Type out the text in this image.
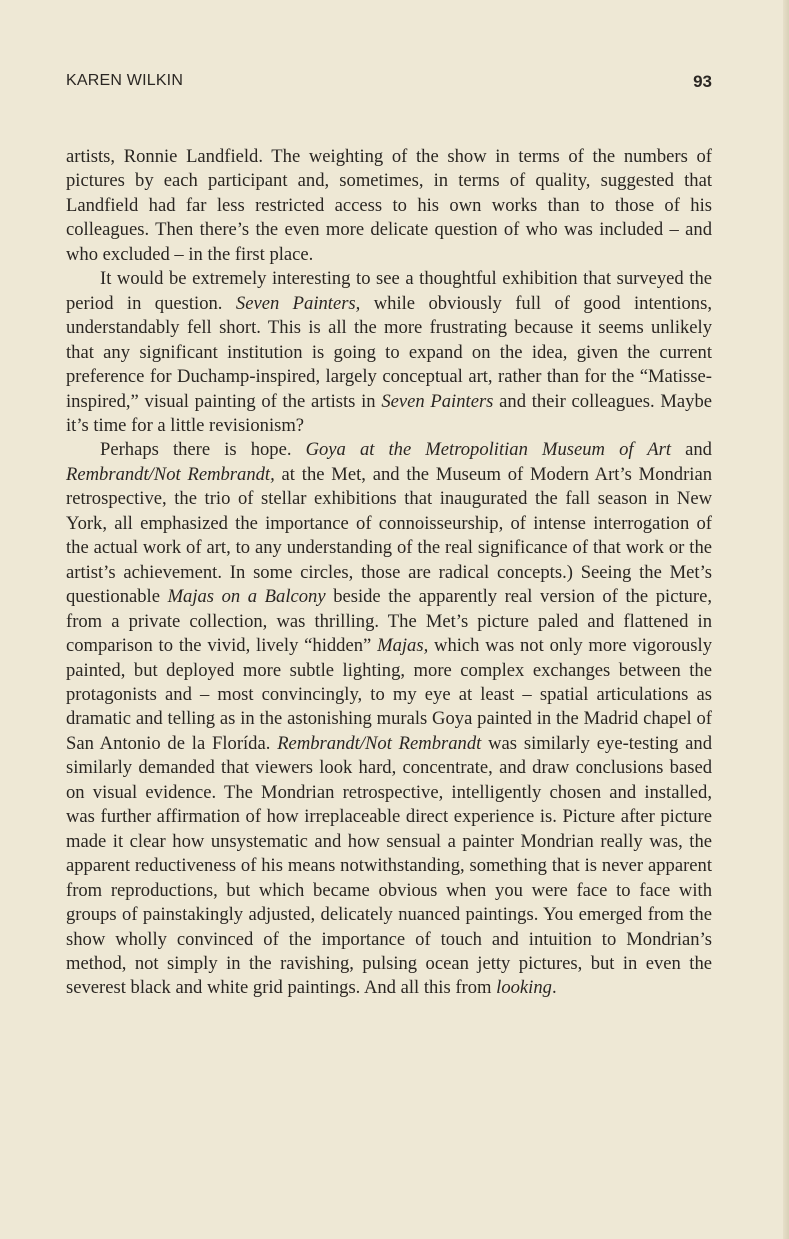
KAREN WILKIN	93

artists, Ronnie Landfield. The weighting of the show in terms of the numbers of pictures by each participant and, sometimes, in terms of quality, suggested that Landfield had far less restricted access to his own works than to those of his colleagues. Then there’s the even more delicate question of who was included – and who excluded – in the first place.

It would be extremely interesting to see a thoughtful exhibition that surveyed the period in question. Seven Painters, while obviously full of good intentions, understandably fell short. This is all the more frustrating because it seems unlikely that any significant institution is going to expand on the idea, given the current preference for Duchamp-inspired, largely conceptual art, rather than for the “Matisse-inspired,” visual painting of the artists in Seven Painters and their colleagues. Maybe it’s time for a little revisionism?

Perhaps there is hope. Goya at the Metropolitian Museum of Art and Rembrandt/Not Rembrandt, at the Met, and the Museum of Modern Art’s Mondrian retrospective, the trio of stellar exhibitions that inaugurated the fall season in New York, all emphasized the importance of connoisseurship, of intense interrogation of the actual work of art, to any understanding of the real significance of that work or the artist’s achievement. In some circles, those are radical concepts.) Seeing the Met’s questionable Majas on a Balcony beside the apparently real version of the picture, from a private collection, was thrilling. The Met’s picture paled and flattened in comparison to the vivid, lively “hidden” Majas, which was not only more vigorously painted, but deployed more subtle lighting, more complex exchanges between the protagonists and – most convincingly, to my eye at least – spatial articulations as dramatic and telling as in the astonishing murals Goya painted in the Madrid chapel of San Antonio de la Florída. Rembrandt/Not Rembrandt was similarly eye-testing and similarly demanded that viewers look hard, concentrate, and draw conclusions based on visual evidence. The Mondrian retrospective, intelligently chosen and installed, was further affirmation of how irreplaceable direct experience is. Picture after picture made it clear how unsystematic and how sensual a painter Mondrian really was, the apparent reductiveness of his means notwithstanding, something that is never apparent from reproductions, but which became obvious when you were face to face with groups of painstakingly adjusted, delicately nuanced paintings. You emerged from the show wholly convinced of the importance of touch and intuition to Mondrian’s method, not simply in the ravishing, pulsing ocean jetty pictures, but in even the severest black and white grid paintings. And all this from looking.
